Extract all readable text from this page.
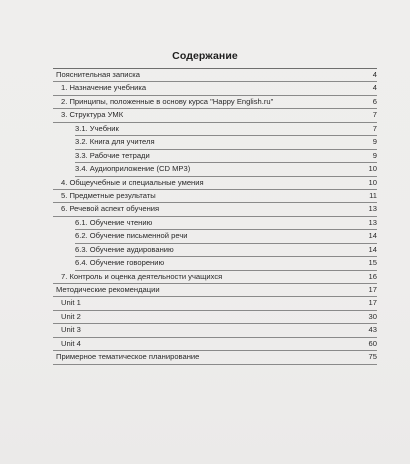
Содержание
Пояснительная записка	4
1. Назначение учебника	4
2. Принципы, положенные в основу курса "Happy English.ru"	6
3. Структура УМК	7
3.1. Учебник	7
3.2. Книга для учителя	9
3.3. Рабочие тетради	9
3.4. Аудиоприложение (CD MP3)	10
4. Общеучебные и специальные умения	10
5. Предметные результаты	11
6. Речевой аспект обучения	13
6.1. Обучение чтению	13
6.2. Обучение письменной речи	14
6.3. Обучение аудированию	14
6.4. Обучение говорению	15
7. Контроль и оценка деятельности учащихся	16
Методические рекомендации	17
Unit 1	17
Unit 2	30
Unit 3	43
Unit 4	60
Примерное тематическое планирование	75
